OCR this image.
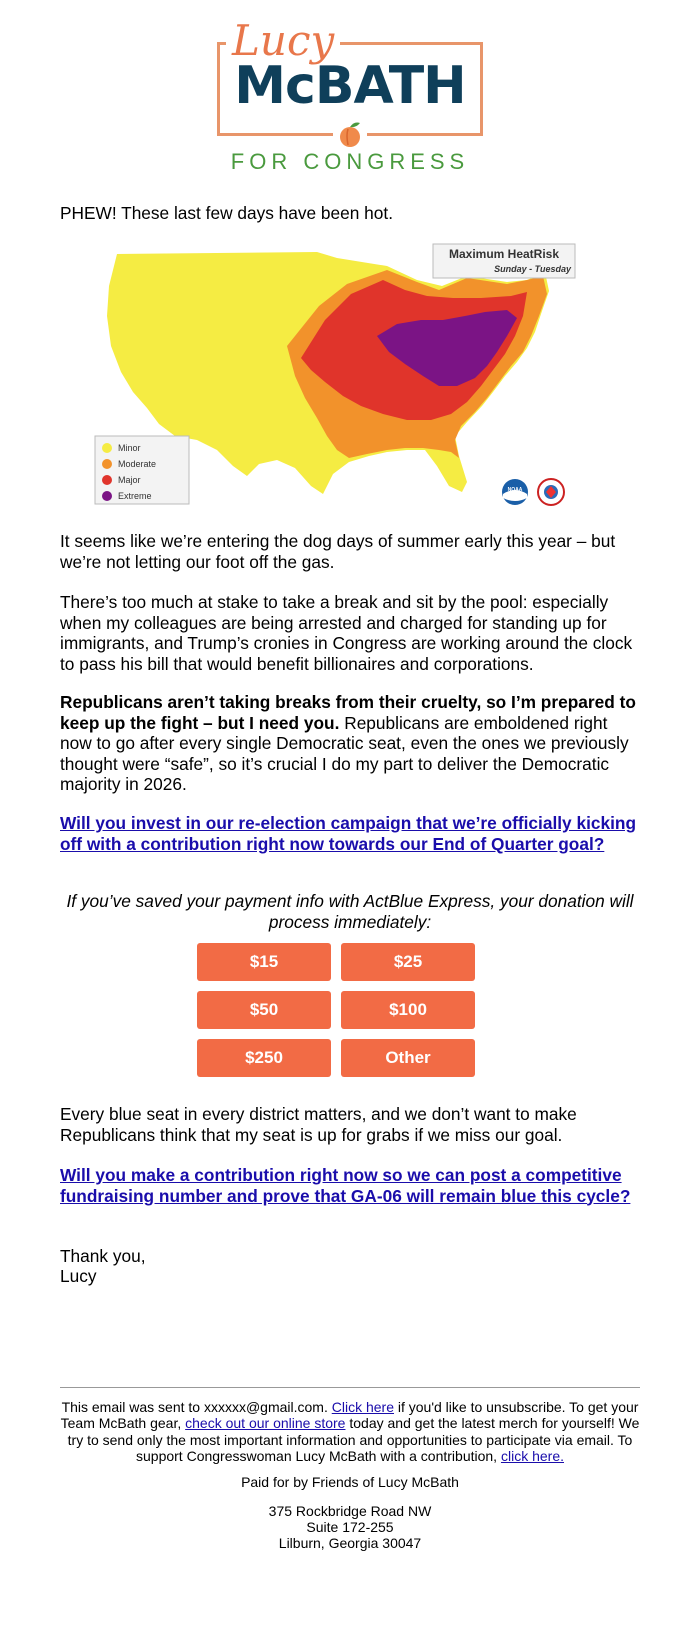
Lucy
McBATH
FOR CONGRESS

PHEW! These last few days have been hot.

Maximum HeatRisk
Sunday - Tuesday
Minor
Moderate
Major
Extreme
NOAA

It seems like we’re entering the dog days of summer early this year – but we’re not letting our foot off the gas.

There’s too much at stake to take a break and sit by the pool: especially when my colleagues are being arrested and charged for standing up for immigrants, and Trump’s cronies in Congress are working around the clock to pass his bill that would benefit billionaires and corporations.

Republicans aren’t taking breaks from their cruelty, so I’m prepared to keep up the fight – but I need you. Republicans are emboldened right now to go after every single Democratic seat, even the ones we previously thought were “safe”, so it’s crucial I do my part to deliver the Democratic majority in 2026.

Will you invest in our re-election campaign that we’re officially kicking off with a contribution right now towards our End of Quarter goal?
If you’ve saved your payment info with ActBlue Express, your donation will process immediately:
$15	$25
$50	$100
$250	Other

Every blue seat in every district matters, and we don’t want to make Republicans think that my seat is up for grabs if we miss our goal.

Will you make a contribution right now so we can post a competitive fundraising number and prove that GA-06 will remain blue this cycle?

Thank you,

Lucy

This email was sent to xxxxxx@gmail.com. Click here if you'd like to unsubscribe. To get your Team McBath gear, check out our online store today and get the latest merch for yourself! We try to send only the most important information and opportunities to participate via email. To support Congresswoman Lucy McBath with a contribution, click here.
Paid for by Friends of Lucy McBath
375 Rockbridge Road NW
Suite 172-255
Lilburn, Georgia 30047
